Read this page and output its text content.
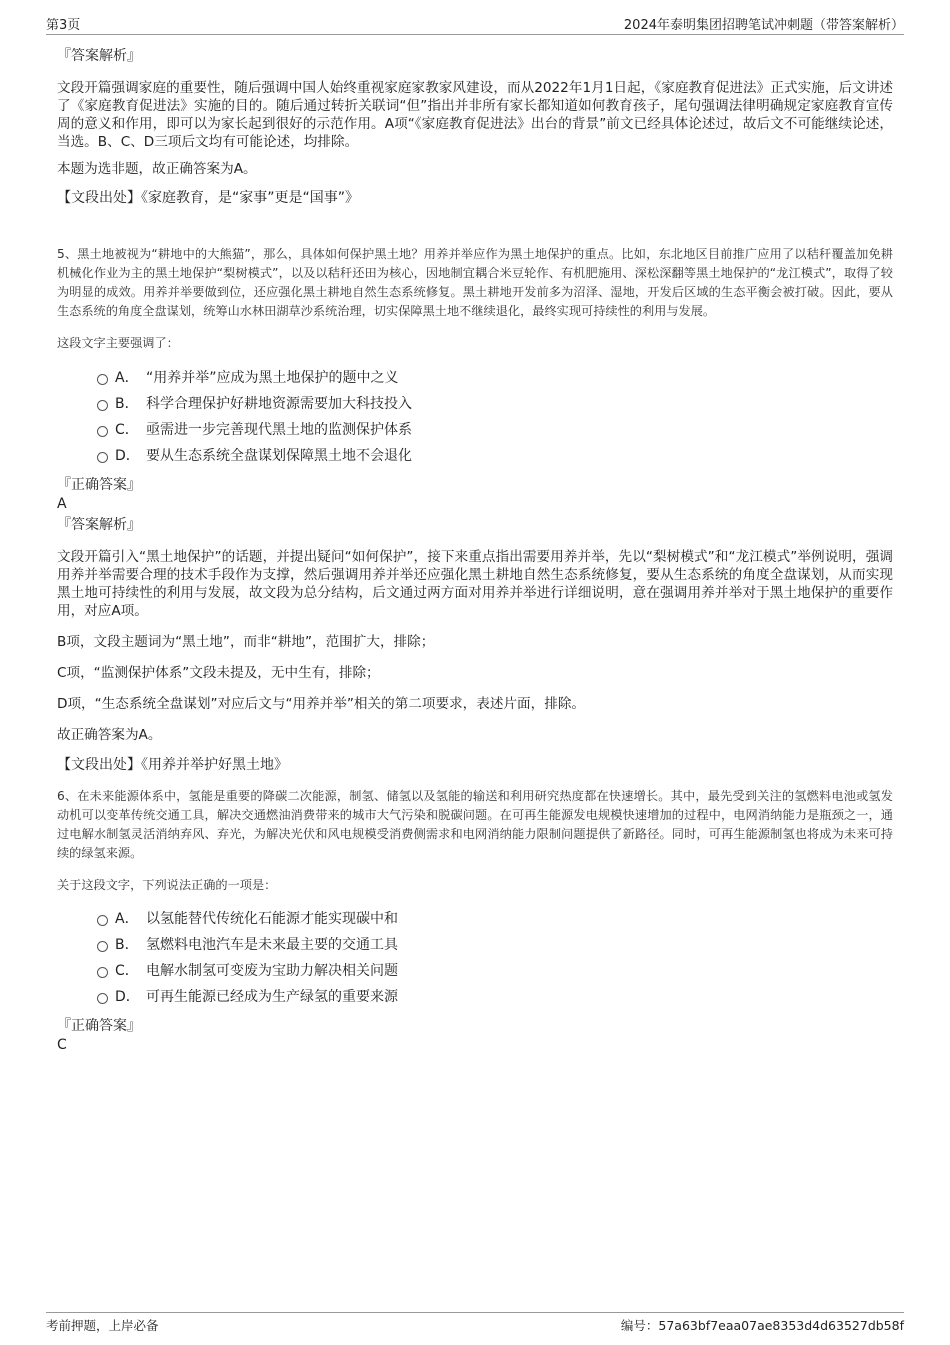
第3页	2024年泰明集团招聘笔试冲刺题（带答案解析）
『答案解析』

文段开篇强调家庭的重要性，随后强调中国人始终重视家庭家教家风建设，而从2022年1月1日起，《家庭教育促进法》正式实施，后文讲述了《家庭教育促进法》实施的目的。随后通过转折关联词“但”指出并非所有家长都知道如何教育孩子，尾句强调法律明确规定家庭教育宣传周的意义和作用，即可以为家长起到很好的示范作用。A项“《家庭教育促进法》出台的背景”前文已经具体论述过，故后文不可能继续论述，当选。B、C、D三项后文均有可能论述，均排除。

本题为选非题，故正确答案为A。

【文段出处】《家庭教育，是“家事”更是“国事”》

5、黑土地被视为“耕地中的大熊猫”，那么，具体如何保护黑土地？用养并举应作为黑土地保护的重点。比如，东北地区目前推广应用了以秸秆覆盖加免耕机械化作业为主的黑土地保护“梨树模式”，以及以秸秆还田为核心，因地制宜耦合米豆轮作、有机肥施用、深松深翻等黑土地保护的“龙江模式”，取得了较为明显的成效。用养并举要做到位，还应强化黑土耕地自然生态系统修复。黑土耕地开发前多为沼泽、湿地，开发后区域的生态平衡会被打破。因此，要从生态系统的角度全盘谋划，统筹山水林田湖草沙系统治理，切实保障黑土地不继续退化，最终实现可持续性的利用与发展。

这段文字主要强调了：
A． “用养并举”应成为黑土地保护的题中之义
B． 科学合理保护好耕地资源需要加大科技投入
C． 亟需进一步完善现代黑土地的监测保护体系
D． 要从生态系统全盘谋划保障黑土地不会退化
『正确答案』
A
『答案解析』

文段开篇引入“黑土地保护”的话题，并提出疑问“如何保护”，接下来重点指出需要用养并举，先以“梨树模式”和“龙江模式”举例说明，强调用养并举需要合理的技术手段作为支撑，然后强调用养并举还应强化黑土耕地自然生态系统修复，要从生态系统的角度全盘谋划，从而实现黑土地可持续性的利用与发展，故文段为总分结构，后文通过两方面对用养并举进行详细说明，意在强调用养并举对于黑土地保护的重要作用，对应A项。

B项，文段主题词为“黑土地”，而非“耕地”，范围扩大，排除；

C项，“监测保护体系”文段未提及，无中生有，排除；

D项，“生态系统全盘谋划”对应后文与“用养并举”相关的第二项要求，表述片面，排除。

故正确答案为A。

【文段出处】《用养并举护好黑土地》

6、在未来能源体系中，氢能是重要的降碳二次能源，制氢、储氢以及氢能的输送和利用研究热度都在快速增长。其中，最先受到关注的氢燃料电池或氢发动机可以变革传统交通工具，解决交通燃油消费带来的城市大气污染和脱碳问题。在可再生能源发电规模快速增加的过程中，电网消纳能力是瓶颈之一，通过电解水制氢灵活消纳弃风、弃光，为解决光伏和风电规模受消费侧需求和电网消纳能力限制问题提供了新路径。同时，可再生能源制氢也将成为未来可持续的绿氢来源。

关于这段文字，下列说法正确的一项是：
A． 以氢能替代传统化石能源才能实现碳中和
B． 氢燃料电池汽车是未来最主要的交通工具
C． 电解水制氢可变废为宝助力解决相关问题
D． 可再生能源已经成为生产绿氢的重要来源
『正确答案』
C
考前押题，上岸必备	编号：57a63bf7eaa07ae8353d4d63527db58f
